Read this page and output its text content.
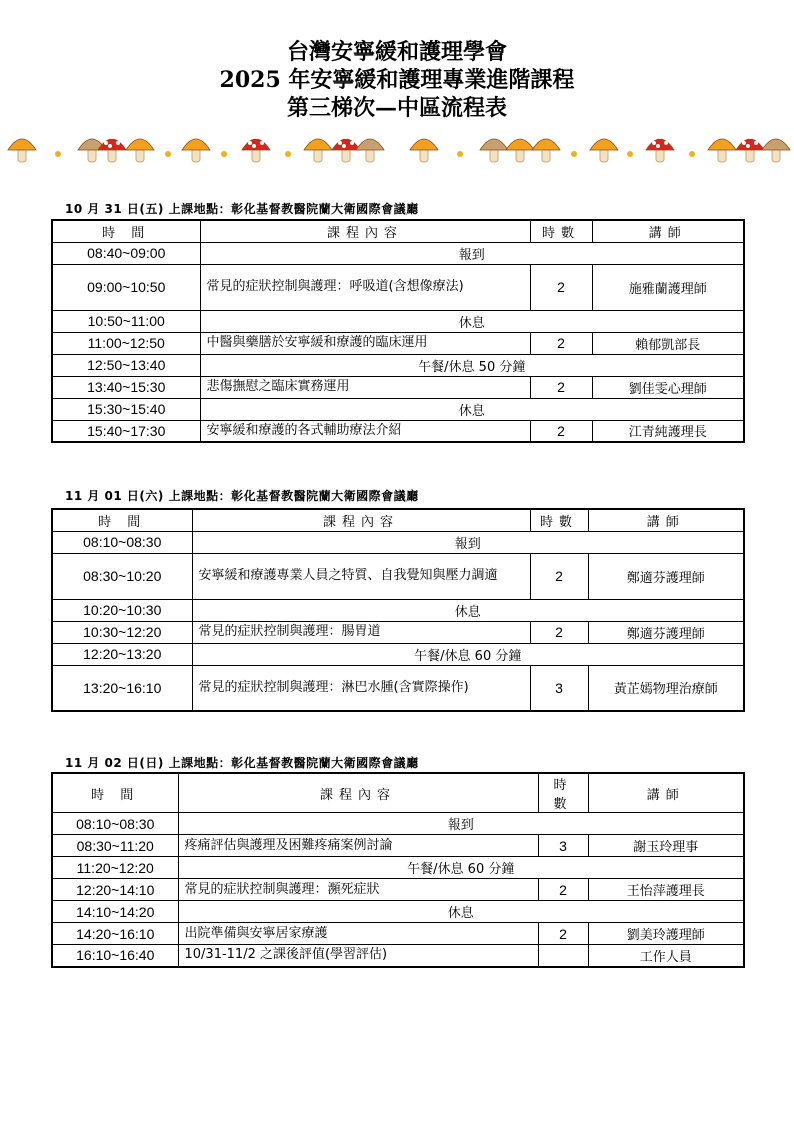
台灣安寧緩和護理學會
2025 年安寧緩和護理專業進階課程
第三梯次—中區流程表
10 月 31 日(五) 上課地點：彰化基督教醫院蘭大衛國際會議廳
時 間	課程內容	時數	講師
08:40~09:00	報到		
09:00~10:50	常見的症狀控制與護理：呼吸道(含想像療法)	2	施雅蘭護理師
10:50~11:00	休息		
11:00~12:50	中醫與藥膳於安寧緩和療護的臨床運用	2	賴郁凱部長
12:50~13:40	午餐/休息 50 分鐘		
13:40~15:30	悲傷撫慰之臨床實務運用	2	劉佳雯心理師
15:30~15:40	休息		
15:40~17:30	安寧緩和療護的各式輔助療法介紹	2	江青純護理長
11 月 01 日(六) 上課地點：彰化基督教醫院蘭大衛國際會議廳
時 間	課程內容	時數	講師
08:10~08:30	報到		
08:30~10:20	安寧緩和療護專業人員之特質、自我覺知與壓力調適	2	鄭適芬護理師
10:20~10:30	休息		
10:30~12:20	常見的症狀控制與護理：腸胃道	2	鄭適芬護理師
12:20~13:20	午餐/休息 60 分鐘		
13:20~16:10	常見的症狀控制與護理：淋巴水腫(含實際操作)	3	黃芷嫣物理治療師
11 月 02 日(日) 上課地點：彰化基督教醫院蘭大衛國際會議廳
時 間	課程內容	時數	講師
08:10~08:30	報到		
08:30~11:20	疼痛評估與護理及困難疼痛案例討論	3	謝玉玲理事
11:20~12:20	午餐/休息 60 分鐘		
12:20~14:10	常見的症狀控制與護理：瀕死症狀	2	王怡萍護理長
14:10~14:20	休息		
14:20~16:10	出院準備與安寧居家療護	2	劉美玲護理師
16:10~16:40	10/31-11/2 之課後評值(學習評估)		工作人員
